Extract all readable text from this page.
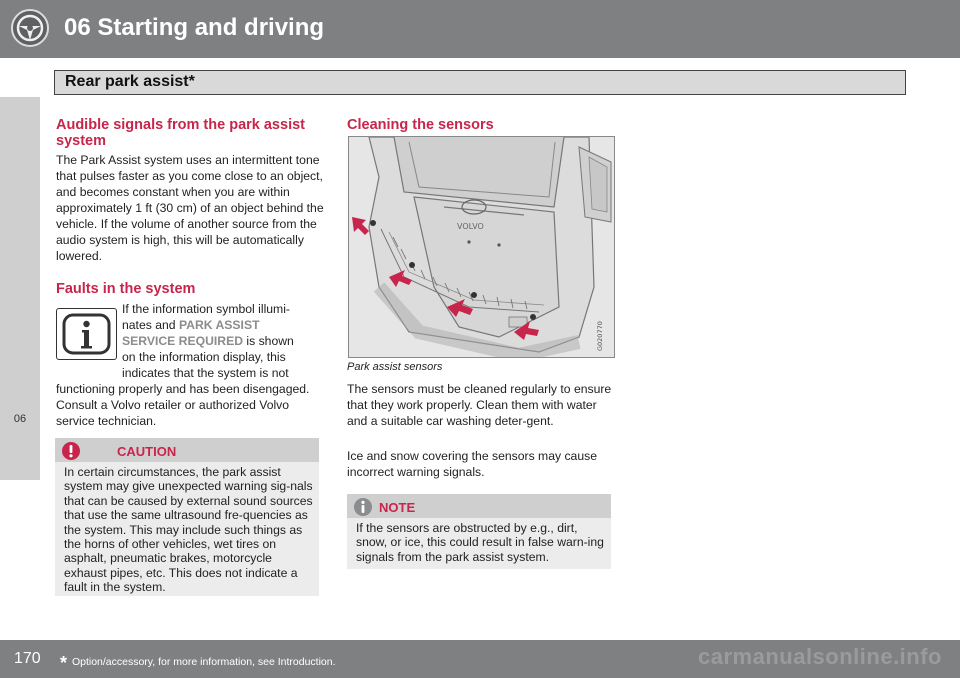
06 Starting and driving
Rear park assist*
06
Audible signals from the park assist system

The Park Assist system uses an intermittent tone that pulses faster as you come close to an object, and becomes constant when you are within approximately 1 ft (30 cm) of an object behind the vehicle. If the volume of another source from the audio system is high, this will be automatically lowered.

Faults in the system

If the information symbol illumi-
nates and PARK ASSIST
SERVICE REQUIRED is shown
on the information display, this
indicates that the system is not

functioning properly and has been disengaged. Consult a Volvo retailer or authorized Volvo service technician.

CAUTION

In certain circumstances, the park assist system may give unexpected warning sig-nals that can be caused by external sound sources that use the same ultrasound fre-quencies as the system. This may include such things as the horns of other vehicles, wet tires on asphalt, pneumatic brakes, motorcycle exhaust pipes, etc. This does not indicate a fault in the system.

Cleaning the sensors
VOLVO
G020770
Park assist sensors

The sensors must be cleaned regularly to ensure that they work properly. Clean them with water and a suitable car washing deter-gent.

Ice and snow covering the sensors may cause incorrect warning signals.

NOTE

If the sensors are obstructed by e.g., dirt, snow, or ice, this could result in false warn-ing signals from the park assist system.

170 * Option/accessory, for more information, see Introduction.	carmanualsonline.info
